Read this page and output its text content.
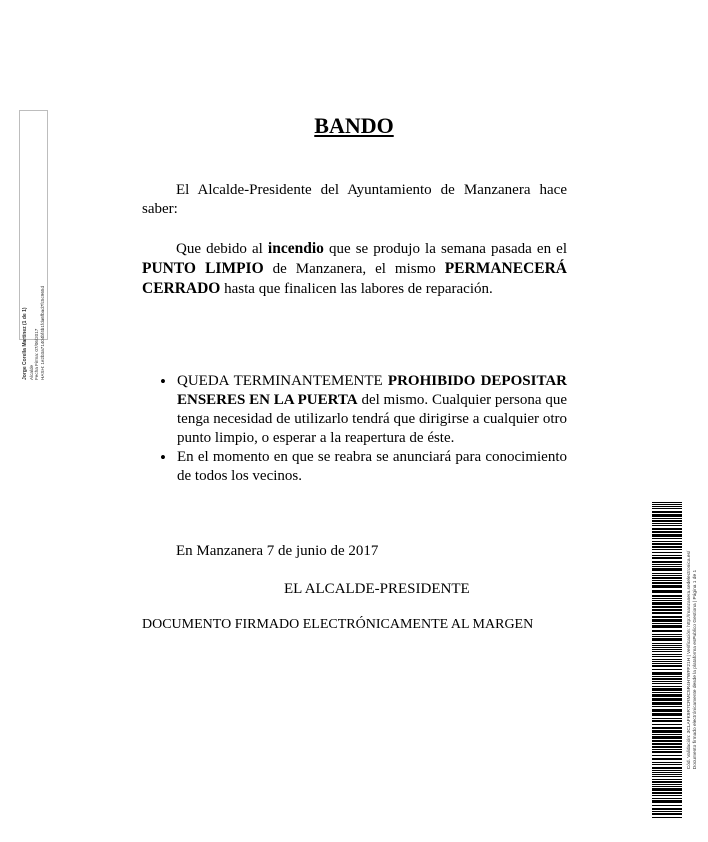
BANDO

El Alcalde-Presidente del Ayuntamiento de Manzanera hace saber:

Que debido al incendio que se produjo la semana pasada en el PUNTO LIMPIO de Manzanera, el mismo PERMANECERÁ CERRADO hasta que finalicen las labores de reparación.

• QUEDA TERMINANTEMENTE PROHIBIDO DEPOSITAR ENSERES EN LA PUERTA del mismo. Cualquier persona que tenga necesidad de utilizarlo tendrá que dirigirse a cualquier otro punto limpio, o esperar a la reapertura de éste.
• En el momento en que se reabra se anunciará para conocimiento de todos los vecinos.
En Manzanera 7 de junio de 2017
EL ALCALDE-PRESIDENTE
DOCUMENTO FIRMADO ELECTRÓNICAMENTE AL MARGEN
Jorge Corella Martínez (1 de 1) Alcalde Fecha Firma: 07/06/2017 HASH: 1e2b3a71404bf4b1fda6fbad7fc5c965d
Cód. Validación: 3CLAFK9R7CRMC5R4H7WFF21H | Verificación: http://manzanera.sedelectronica.es/ Documento firmado electrónicamente desde la plataforma esPublico Gestiona | Página 1 de 1
